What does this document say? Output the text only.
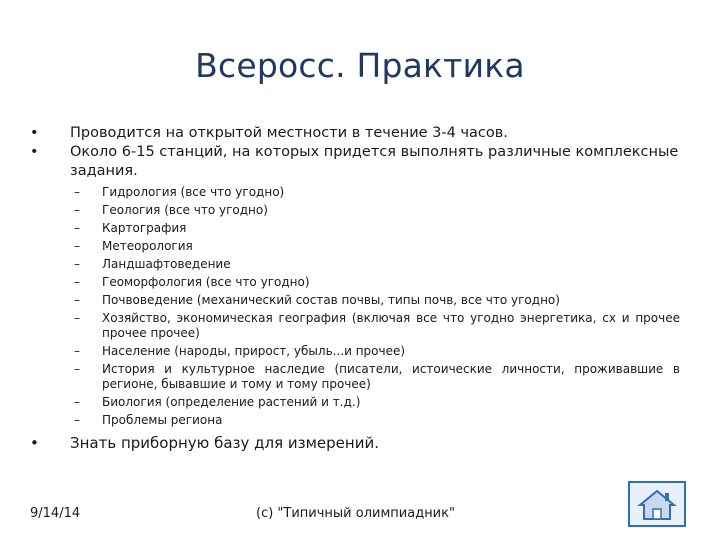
Всеросс. Практика
• Проводится на открытой местности в течение 3-4 часов.
• Около 6-15 станций, на которых придется выполнять различные комплексные задания.
– Гидрология (все что угодно)
– Геология (все что угодно)
– Картография
– Метеорология
– Ландшафтоведение
– Геоморфология (все что угодно)
– Почвоведение (механический состав почвы, типы почв, все что угодно)
– Хозяйство, экономическая география (включая все что угодно энергетика, сх и прочее прочее прочее)
– Население (народы, прирост, убыль...и прочее)
– История и культурное наследие (писатели, истоические личности, проживавшие в регионе, бывавшие и тому и тому прочее)
– Биология (определение растений и т.д.)
– Проблемы региона
• Знать приборную базу для измерений.
9/14/14	(c) "Типичный олимпиадник"
